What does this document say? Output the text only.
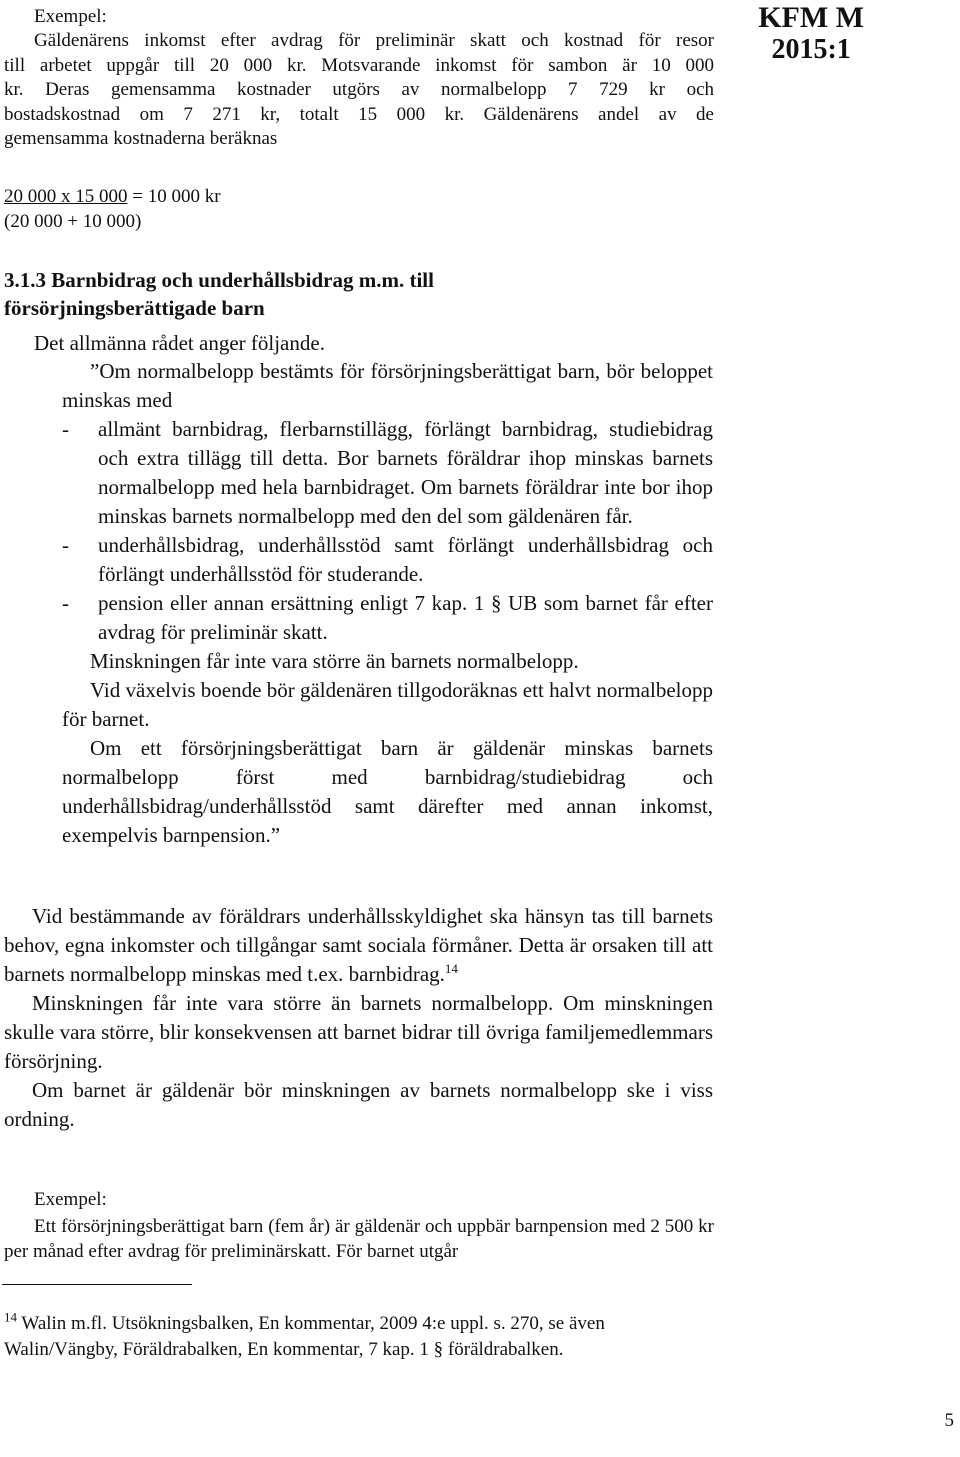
KFM M
2015:1
Exempel:
Gäldenärens inkomst efter avdrag för preliminär skatt och kostnad för resor
till arbetet uppgår till 20 000 kr. Motsvarande inkomst för sambon är 10 000
kr. Deras gemensamma kostnader utgörs av normalbelopp 7 729 kr och
bostadskostnad om 7 271 kr, totalt 15 000 kr. Gäldenärens andel av de
gemensamma kostnaderna beräknas
20 000 x 15 000 = 10 000 kr
(20 000 + 10 000)
3.1.3 Barnbidrag och underhållsbidrag m.m. till
försörjningsberättigade barn
Det allmänna rådet anger följande.

”Om normalbelopp bestämts för försörjningsberättigat barn, bör beloppet minskas med

- allmänt barnbidrag, flerbarnstillägg, förlängt barnbidrag, studiebidrag och extra tillägg till detta. Bor barnets föräldrar ihop minskas barnets normalbelopp med hela barnbidraget. Om barnets föräldrar inte bor ihop minskas barnets normalbelopp med den del som gäldenären får.
- underhållsbidrag, underhållsstöd samt förlängt underhållsbidrag och förlängt underhållsstöd för studerande.
- pension eller annan ersättning enligt 7 kap. 1 § UB som barnet får efter avdrag för preliminär skatt.

Minskningen får inte vara större än barnets normalbelopp.

Vid växelvis boende bör gäldenären tillgodoräknas ett halvt normalbelopp för barnet.

Om ett försörjningsberättigat barn är gäldenär minskas barnets normalbelopp först med barnbidrag/studiebidrag och underhållsbidrag/underhållsstöd samt därefter med annan inkomst, exempelvis barnpension.”

Vid bestämmande av föräldrars underhållsskyldighet ska hänsyn tas till barnets behov, egna inkomster och tillgångar samt sociala förmåner. Detta är orsaken till att barnets normalbelopp minskas med t.ex. barnbidrag.$^{14}$

Minskningen får inte vara större än barnets normalbelopp. Om minskningen skulle vara större, blir konsekvensen att barnet bidrar till övriga familjemedlemmars försörjning.

Om barnet är gäldenär bör minskningen av barnets normalbelopp ske i viss ordning.

Exempel:
Ett försörjningsberättigat barn (fem år) är gäldenär och uppbär barnpension med 2 500 kr per månad efter avdrag för preliminärskatt. För barnet utgår
$^{14}$ Walin m.fl. Utsökningsbalken, En kommentar, 2009 4:e uppl. s. 270, se även Walin/Vängby, Föräldrabalken, En kommentar, 7 kap. 1 § föräldrabalken.
5
